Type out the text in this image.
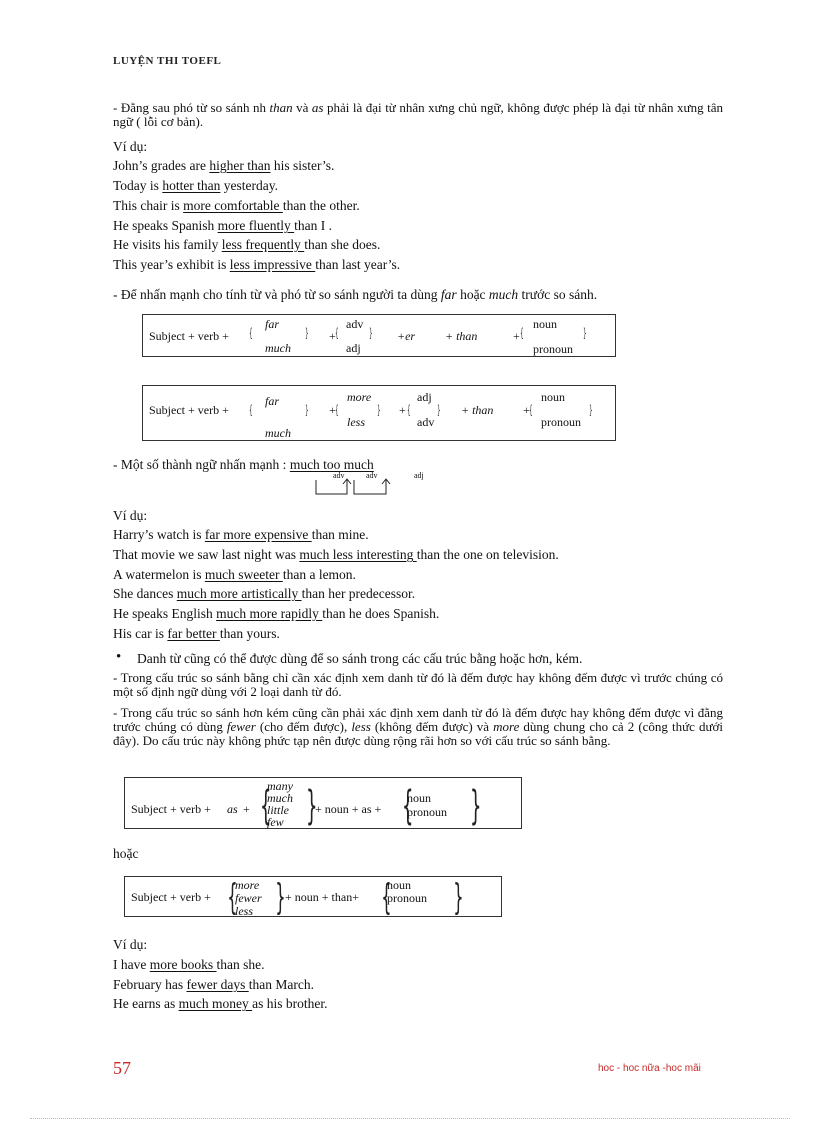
LUYỆN THI TOEFL
- Đằng sau phó từ so sánh nh than và as phải là đại từ nhân xưng chủ ngữ, không được phép là đại từ nhân xưng tân ngữ ( lỗi cơ bản).
Ví dụ:
John’s grades are higher than his sister’s.
Today is hotter than yesterday.
This chair is more comfortable than the other.
He speaks Spanish more fluently than I .
He visits his family less frequently than she does.
This year’s exhibit is less impressive than last year’s.
- Để nhấn mạnh cho tính từ và phó từ so sánh người ta dùng far hoặc much trước so sánh.
Subject + verb + {
far
much
} + {
adv
adj
} +er + than	+ {
noun
pronoun
}
Subject + verb + {
far
much
} + {
more
less
} + {
adj
adv
} + than + {
noun
pronoun
}
- Một số thành ngữ nhấn mạnh : much too much
adv	adv	adj
Ví dụ:
Harry’s watch is far more expensive than mine.
That movie we saw last night was much less interesting than the one on television.
A watermelon is much sweeter than a lemon.
She dances much more artistically than her predecessor.
He speaks English much more rapidly than he does Spanish.
His car is far better than yours.
• Danh từ cũng có thể được dùng để so sánh trong các cấu trúc bằng hoặc hơn, kém.
- Trong cấu trúc so sánh bằng chỉ cần xác định xem danh từ đó là đếm được hay không đếm được vì trước chúng có một số định ngữ dùng với 2 loại danh từ đó.
- Trong cấu trúc so sánh hơn kém cũng cần phải xác định xem danh từ đó là đếm được hay không đếm được vì đằng trước chúng có dùng fewer (cho đếm được), less (không đếm được) và more dùng chung cho cả 2 (công thức dưới đây). Do cấu trúc này không phức tạp nên được dùng rộng rãi hơn so với cấu trúc so sánh bằng.
Subject + verb + as + {
many
much
little
few }
+ noun + as + {
noun
pronoun }
hoặc
Subject + verb + {
more
fewer
less } + noun + than+ {
noun
pronoun }
Ví dụ:
I have more books than she.
February has fewer days than March.
He earns as much money as his brother.
57	hoc - hoc nữa -hoc mãi
